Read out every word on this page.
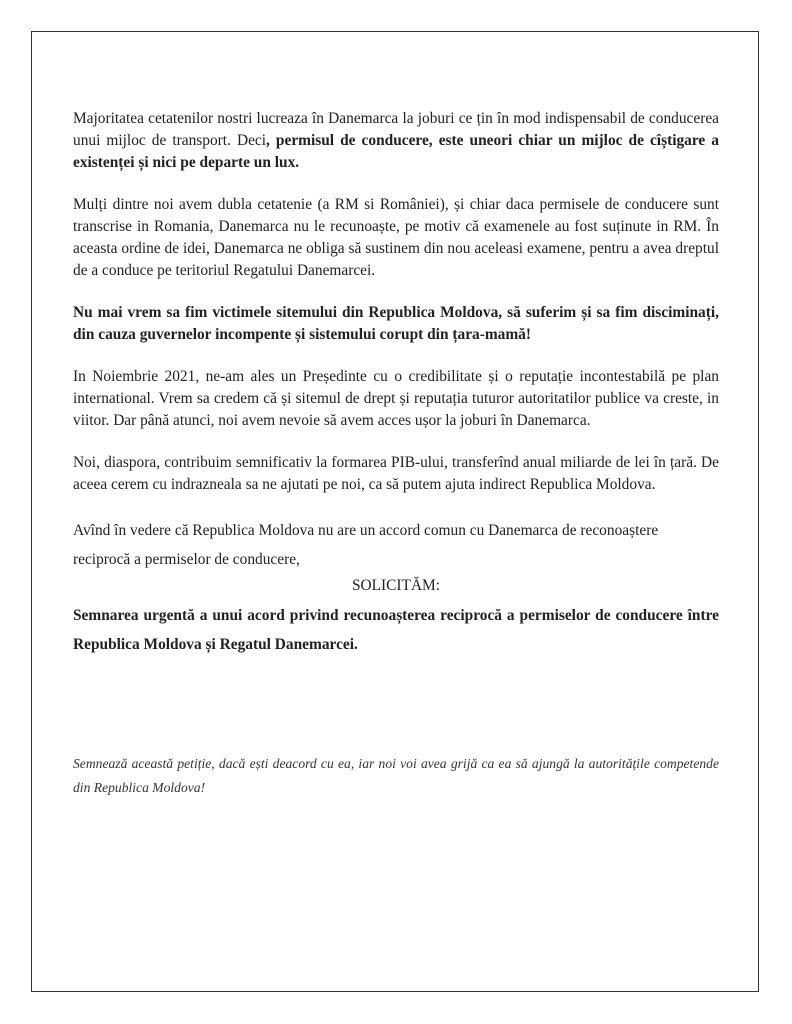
Majoritatea cetatenilor nostri lucreaza în Danemarca la joburi ce țin în mod indispensabil de conducerea unui mijloc de transport. Deci, permisul de conducere, este uneori chiar un mijloc de cîștigare a existenței și nici pe departe un lux.

Mulți dintre noi avem dubla cetatenie (a RM si României), și chiar daca permisele de conducere sunt transcrise in Romania, Danemarca nu le recunoaște, pe motiv că examenele au fost suținute in RM. În aceasta ordine de idei, Danemarca ne obliga să sustinem din nou aceleasi examene, pentru a avea dreptul de a conduce pe teritoriul Regatului Danemarcei.

Nu mai vrem sa fim victimele sitemului din Republica Moldova, să suferim și sa fim disciminați, din cauza guvernelor incompente și sistemului corupt din țara-mamă!

In Noiembrie 2021, ne-am ales un Președinte cu o credibilitate și o reputație incontestabilă pe plan international. Vrem sa credem că și sitemul de drept și reputația tuturor autoritatilor publice va creste, in viitor. Dar până atunci, noi avem nevoie să avem acces ușor la joburi în Danemarca.

Noi, diaspora, contribuim semnificativ la formarea PIB-ului, transferînd anual miliarde de lei în țară. De aceea cerem cu indrazneala sa ne ajutati pe noi, ca să putem ajuta indirect Republica Moldova.

Avînd în vedere că Republica Moldova nu are un accord comun cu Danemarca de reconoaștere reciprocă a permiselor de conducere,

SOLICITĂM:

Semnarea urgentă a unui acord privind recunoașterea reciprocă a permiselor de conducere între Republica Moldova și Regatul Danemarcei.

Semnează această petiție, dacă ești deacord cu ea, iar noi voi avea grijă ca ea să ajungă la autoritățile competende din Republica Moldova!
